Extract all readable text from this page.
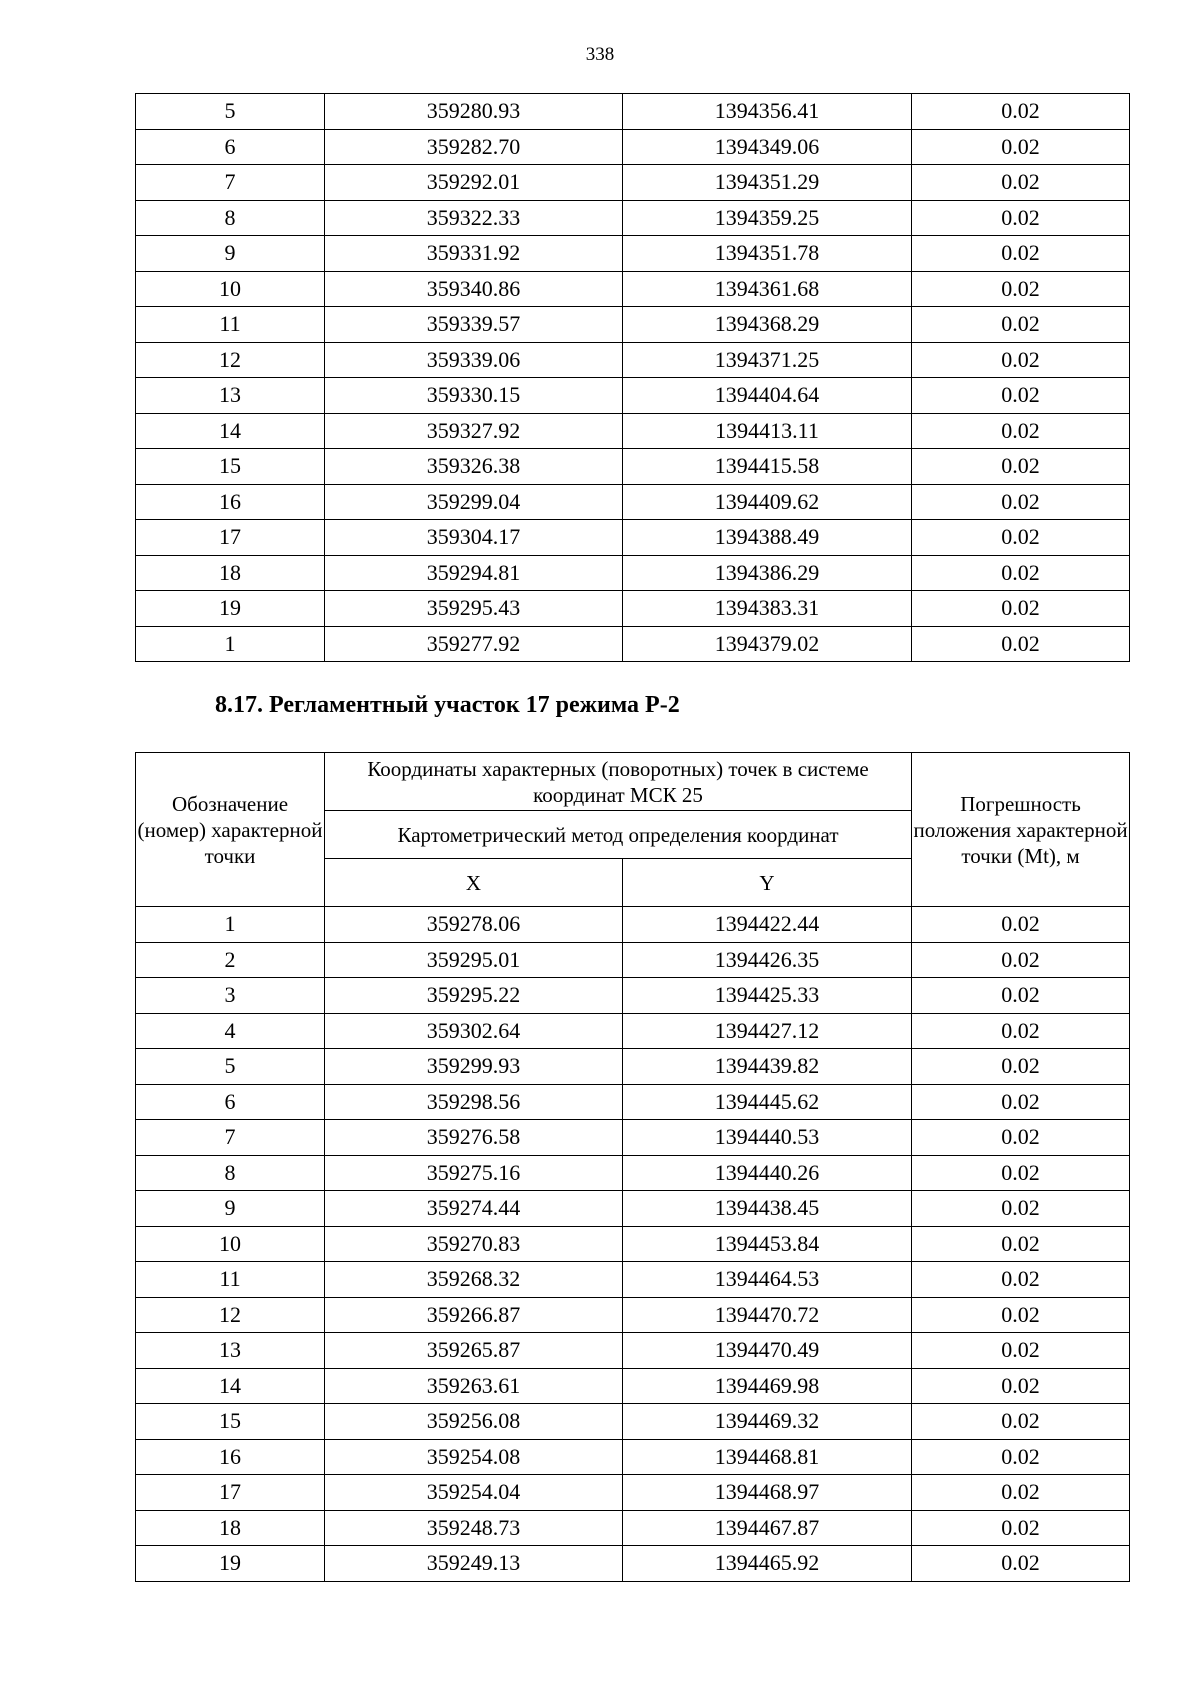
338
5	359280.93	1394356.41	0.02
6	359282.70	1394349.06	0.02
7	359292.01	1394351.29	0.02
8	359322.33	1394359.25	0.02
9	359331.92	1394351.78	0.02
10	359340.86	1394361.68	0.02
11	359339.57	1394368.29	0.02
12	359339.06	1394371.25	0.02
13	359330.15	1394404.64	0.02
14	359327.92	1394413.11	0.02
15	359326.38	1394415.58	0.02
16	359299.04	1394409.62	0.02
17	359304.17	1394388.49	0.02
18	359294.81	1394386.29	0.02
19	359295.43	1394383.31	0.02
1	359277.92	1394379.02	0.02
8.17. Регламентный участок 17 режима Р-2
Обозначение (номер) характерной точки	Координаты характерных (поворотных) точек в системе координат МСК 25		Погрешность положения характерной точки (Mt), м
	Картометрический метод определения координат		
	X	Y	
1	359278.06	1394422.44	0.02
2	359295.01	1394426.35	0.02
3	359295.22	1394425.33	0.02
4	359302.64	1394427.12	0.02
5	359299.93	1394439.82	0.02
6	359298.56	1394445.62	0.02
7	359276.58	1394440.53	0.02
8	359275.16	1394440.26	0.02
9	359274.44	1394438.45	0.02
10	359270.83	1394453.84	0.02
11	359268.32	1394464.53	0.02
12	359266.87	1394470.72	0.02
13	359265.87	1394470.49	0.02
14	359263.61	1394469.98	0.02
15	359256.08	1394469.32	0.02
16	359254.08	1394468.81	0.02
17	359254.04	1394468.97	0.02
18	359248.73	1394467.87	0.02
19	359249.13	1394465.92	0.02
